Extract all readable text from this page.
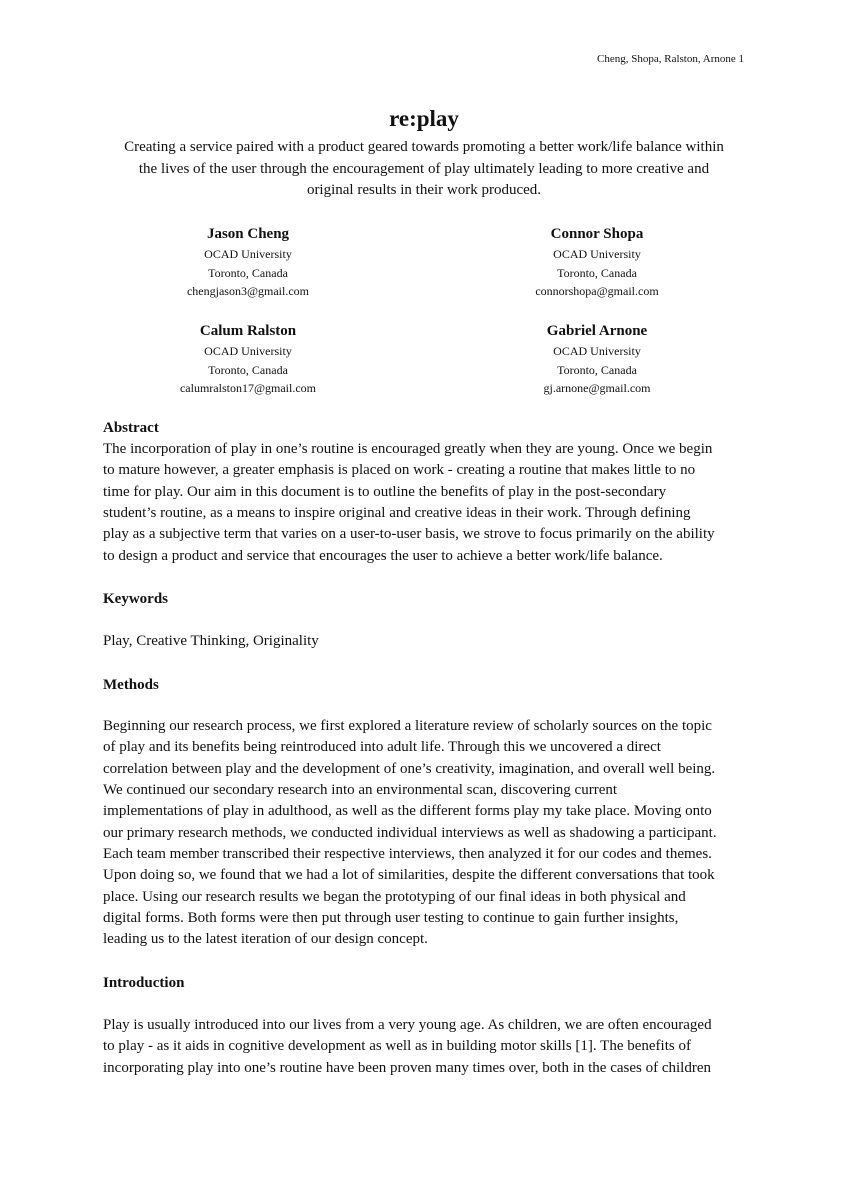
Cheng, Shopa, Ralston, Arnone 1
re:play
Creating a service paired with a product geared towards promoting a better work/life balance within
the lives of the user through the encouragement of play ultimately leading to more creative and
original results in their work produced.
Jason Cheng
OCAD University
Toronto, Canada
chengjason3@gmail.com
Connor Shopa
OCAD University
Toronto, Canada
connorshopa@gmail.com
Calum Ralston
OCAD University
Toronto, Canada
calumralston17@gmail.com
Gabriel Arnone
OCAD University
Toronto, Canada
gj.arnone@gmail.com
Abstract
The incorporation of play in one’s routine is encouraged greatly when they are young. Once we begin
to mature however, a greater emphasis is placed on work - creating a routine that makes little to no
time for play. Our aim in this document is to outline the benefits of play in the post-secondary
student’s routine, as a means to inspire original and creative ideas in their work. Through defining
play as a subjective term that varies on a user-to-user basis, we strove to focus primarily on the ability
to design a product and service that encourages the user to achieve a better work/life balance.
Keywords
Play, Creative Thinking, Originality
Methods
Beginning our research process, we first explored a literature review of scholarly sources on the topic
of play and its benefits being reintroduced into adult life. Through this we uncovered a direct
correlation between play and the development of one’s creativity, imagination, and overall well being.
We continued our secondary research into an environmental scan, discovering current
implementations of play in adulthood, as well as the different forms play my take place. Moving onto
our primary research methods, we conducted individual interviews as well as shadowing a participant.
Each team member transcribed their respective interviews, then analyzed it for our codes and themes.
Upon doing so, we found that we had a lot of similarities, despite the different conversations that took
place. Using our research results we began the prototyping of our final ideas in both physical and
digital forms. Both forms were then put through user testing to continue to gain further insights,
leading us to the latest iteration of our design concept.
Introduction
Play is usually introduced into our lives from a very young age. As children, we are often encouraged
to play - as it aids in cognitive development as well as in building motor skills [1]. The benefits of
incorporating play into one’s routine have been proven many times over, both in the cases of children
